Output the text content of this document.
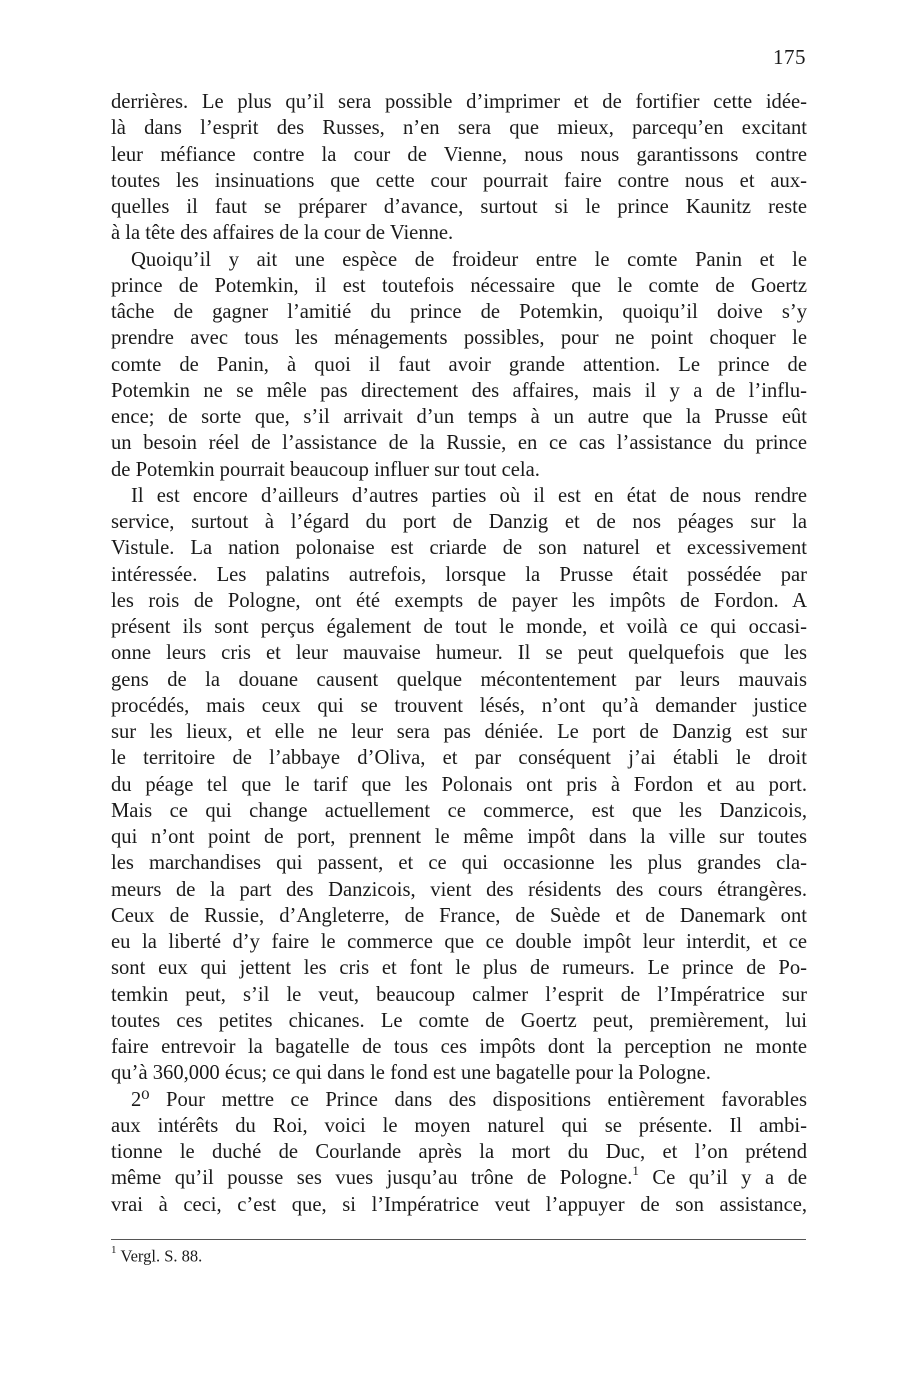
175
derrières. Le plus qu’il sera possible d’imprimer et de fortifier cette idée-
là dans l’esprit des Russes, n’en sera que mieux, parcequ’en excitant
leur méfiance contre la cour de Vienne, nous nous garantissons contre
toutes les insinuations que cette cour pourrait faire contre nous et aux-
quelles il faut se préparer d’avance, surtout si le prince Kaunitz reste
à la tête des affaires de la cour de Vienne.
Quoiqu’il y ait une espèce de froideur entre le comte Panin et le
prince de Potemkin, il est toutefois nécessaire que le comte de Goertz
tâche de gagner l’amitié du prince de Potemkin, quoiqu’il doive s’y
prendre avec tous les ménagements possibles, pour ne point choquer le
comte de Panin, à quoi il faut avoir grande attention. Le prince de
Potemkin ne se mêle pas directement des affaires, mais il y a de l’influ-
ence; de sorte que, s’il arrivait d’un temps à un autre que la Prusse eût
un besoin réel de l’assistance de la Russie, en ce cas l’assistance du prince
de Potemkin pourrait beaucoup influer sur tout cela.
Il est encore d’ailleurs d’autres parties où il est en état de nous rendre
service, surtout à l’égard du port de Danzig et de nos péages sur la
Vistule. La nation polonaise est criarde de son naturel et excessivement
intéressée. Les palatins autrefois, lorsque la Prusse était possédée par
les rois de Pologne, ont été exempts de payer les impôts de Fordon. A
présent ils sont perçus également de tout le monde, et voilà ce qui occasi-
onne leurs cris et leur mauvaise humeur. Il se peut quelquefois que les
gens de la douane causent quelque mécontentement par leurs mauvais
procédés, mais ceux qui se trouvent lésés, n’ont qu’à demander justice
sur les lieux, et elle ne leur sera pas déniée. Le port de Danzig est sur
le territoire de l’abbaye d’Oliva, et par conséquent j’ai établi le droit
du péage tel que le tarif que les Polonais ont pris à Fordon et au port.
Mais ce qui change actuellement ce commerce, est que les Danzicois,
qui n’ont point de port, prennent le même impôt dans la ville sur toutes
les marchandises qui passent, et ce qui occasionne les plus grandes cla-
meurs de la part des Danzicois, vient des résidents des cours étrangères.
Ceux de Russie, d’Angleterre, de France, de Suède et de Danemark ont
eu la liberté d’y faire le commerce que ce double impôt leur interdit, et ce
sont eux qui jettent les cris et font le plus de rumeurs. Le prince de Po-
temkin peut, s’il le veut, beaucoup calmer l’esprit de l’Impératrice sur
toutes ces petites chicanes. Le comte de Goertz peut, premièrement, lui
faire entrevoir la bagatelle de tous ces impôts dont la perception ne monte
qu’à 360,000 écus; ce qui dans le fond est une bagatelle pour la Pologne.
2⁰ Pour mettre ce Prince dans des dispositions entièrement favorables
aux intérêts du Roi, voici le moyen naturel qui se présente. Il ambi-
tionne le duché de Courlande après la mort du Duc, et l’on prétend
même qu’il pousse ses vues jusqu’au trône de Pologne.$^1$ Ce qu’il y a de
vrai à ceci, c’est que, si l’Impératrice veut l’appuyer de son assistance,
$^1$ Vergl. S. 88.
